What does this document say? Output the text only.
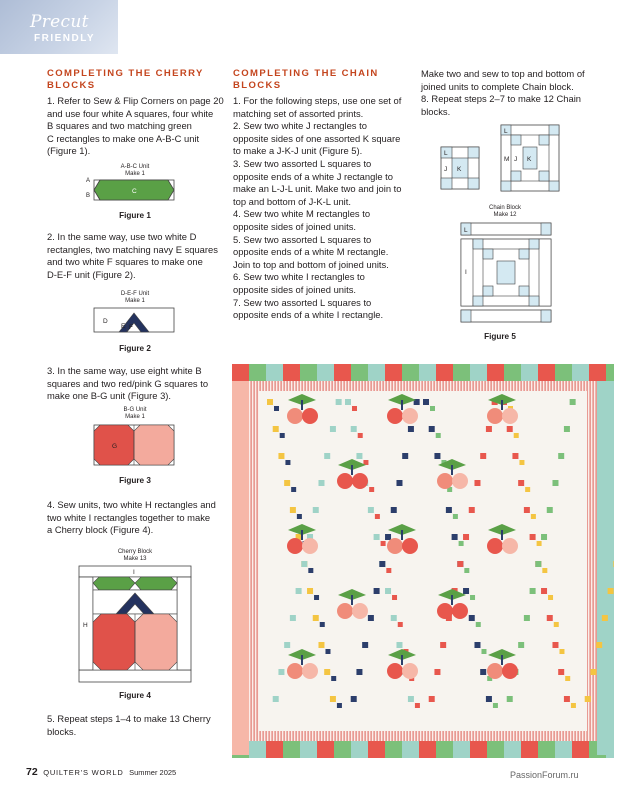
Precut
FRIENDLY
COMPLETING THE CHERRY
BLOCKS
1. Refer to Sew & Flip Corners on page 20
and use four white A squares, four white
B squares and two matching green
C rectangles to make one A-B-C unit
(Figure 1).
A-B-C Unit
Make 1
C
A
B
Figure 1
2. In the same way, use two white D
rectangles, two matching navy E squares
and two white F squares to make one
D-E-F unit (Figure 2).
D-E-F Unit
Make 1
D
E F
Figure 2
3. In the same way, use eight white B
squares and two red/pink G squares to
make one B-G unit (Figure 3).
B-G Unit
Make 1
G
Figure 3
4. Sew units, two white H rectangles and
two white I rectangles together to make
a Cherry block (Figure 4).
Cherry Block
Make 13
I
H
Figure 4
5. Repeat steps 1–4 to make 13 Cherry
blocks.
COMPLETING THE CHAIN
BLOCKS
1. For the following steps, use one set of
matching set of assorted prints.
2. Sew two white J rectangles to
opposite sides of one assorted K square
to make a J-K-J unit (Figure 5).
3. Sew two assorted L squares to
opposite ends of a white J rectangle to
make an L-J-L unit. Make two and join to
top and bottom of J-K-L unit.
4. Sew two white M rectangles to
opposite sides of joined units.
5. Sew two assorted L squares to
opposite ends of a white M rectangle.
Join to top and bottom of joined units.
6. Sew two white I rectangles to
opposite sides of joined units.
7. Sew two assorted L squares to
opposite ends of a white I rectangle.
Make two and sew to top and bottom of
joined units to complete Chain block.
8. Repeat steps 2–7 to make 12 Chain
blocks.
L
J K
L
M J K
Chain Block
Make 12
L
I
Figure 5
72 QUILTER'S WORLD Summer 2025	PassionForum.ru
